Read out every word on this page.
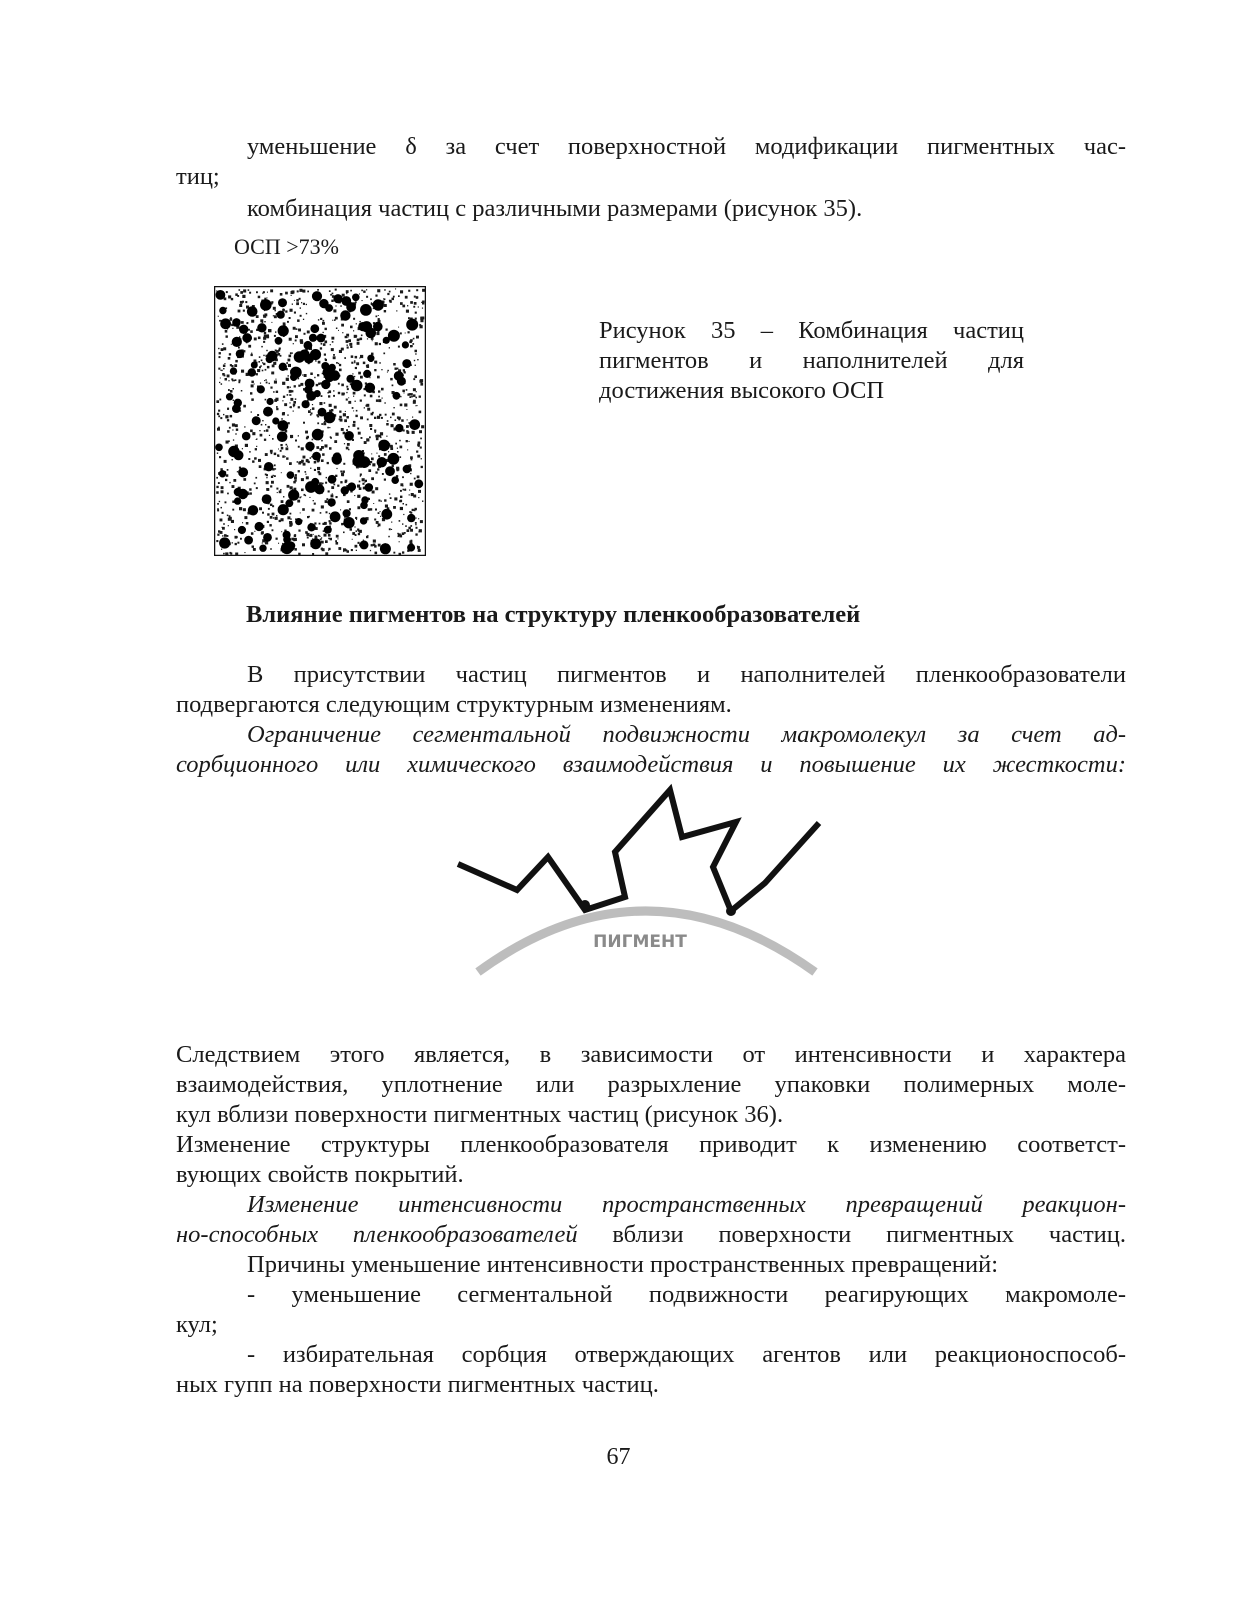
уменьшение δ за счет поверхностной модификации пигментных час-
тиц;
комбинация частиц с различными размерами (рисунок 35).
ОСП >73%
Рисунок 35 – Комбинация частиц
пигментов и наполнителей для
достижения высокого ОСП
Влияние пигментов на структуру пленкообразователей
В присутствии частиц пигментов и наполнителей пленкообразователи
подвергаются следующим структурным изменениям.
Ограничение сегментальной подвижности макромолекул за счет ад-
сорбционного или химического взаимодействия и повышение их жесткости:
ПИГМЕНТ
Следствием этого является, в зависимости от интенсивности и характера
взаимодействия, уплотнение или разрыхление упаковки полимерных моле-
кул вблизи поверхности пигментных частиц (рисунок 36).
Изменение структуры пленкообразователя приводит к изменению соответст-
вующих свойств покрытий.
Изменение интенсивности пространственных превращений реакцион-
но-способных пленкообразователей вблизи поверхности пигментных частиц.
Причины уменьшение интенсивности пространственных превращений:
- уменьшение сегментальной подвижности реагирующих макромоле-
кул;
- избирательная сорбция отверждающих агентов или реакционоспособ-
ных гупп на поверхности пигментных частиц.
67
